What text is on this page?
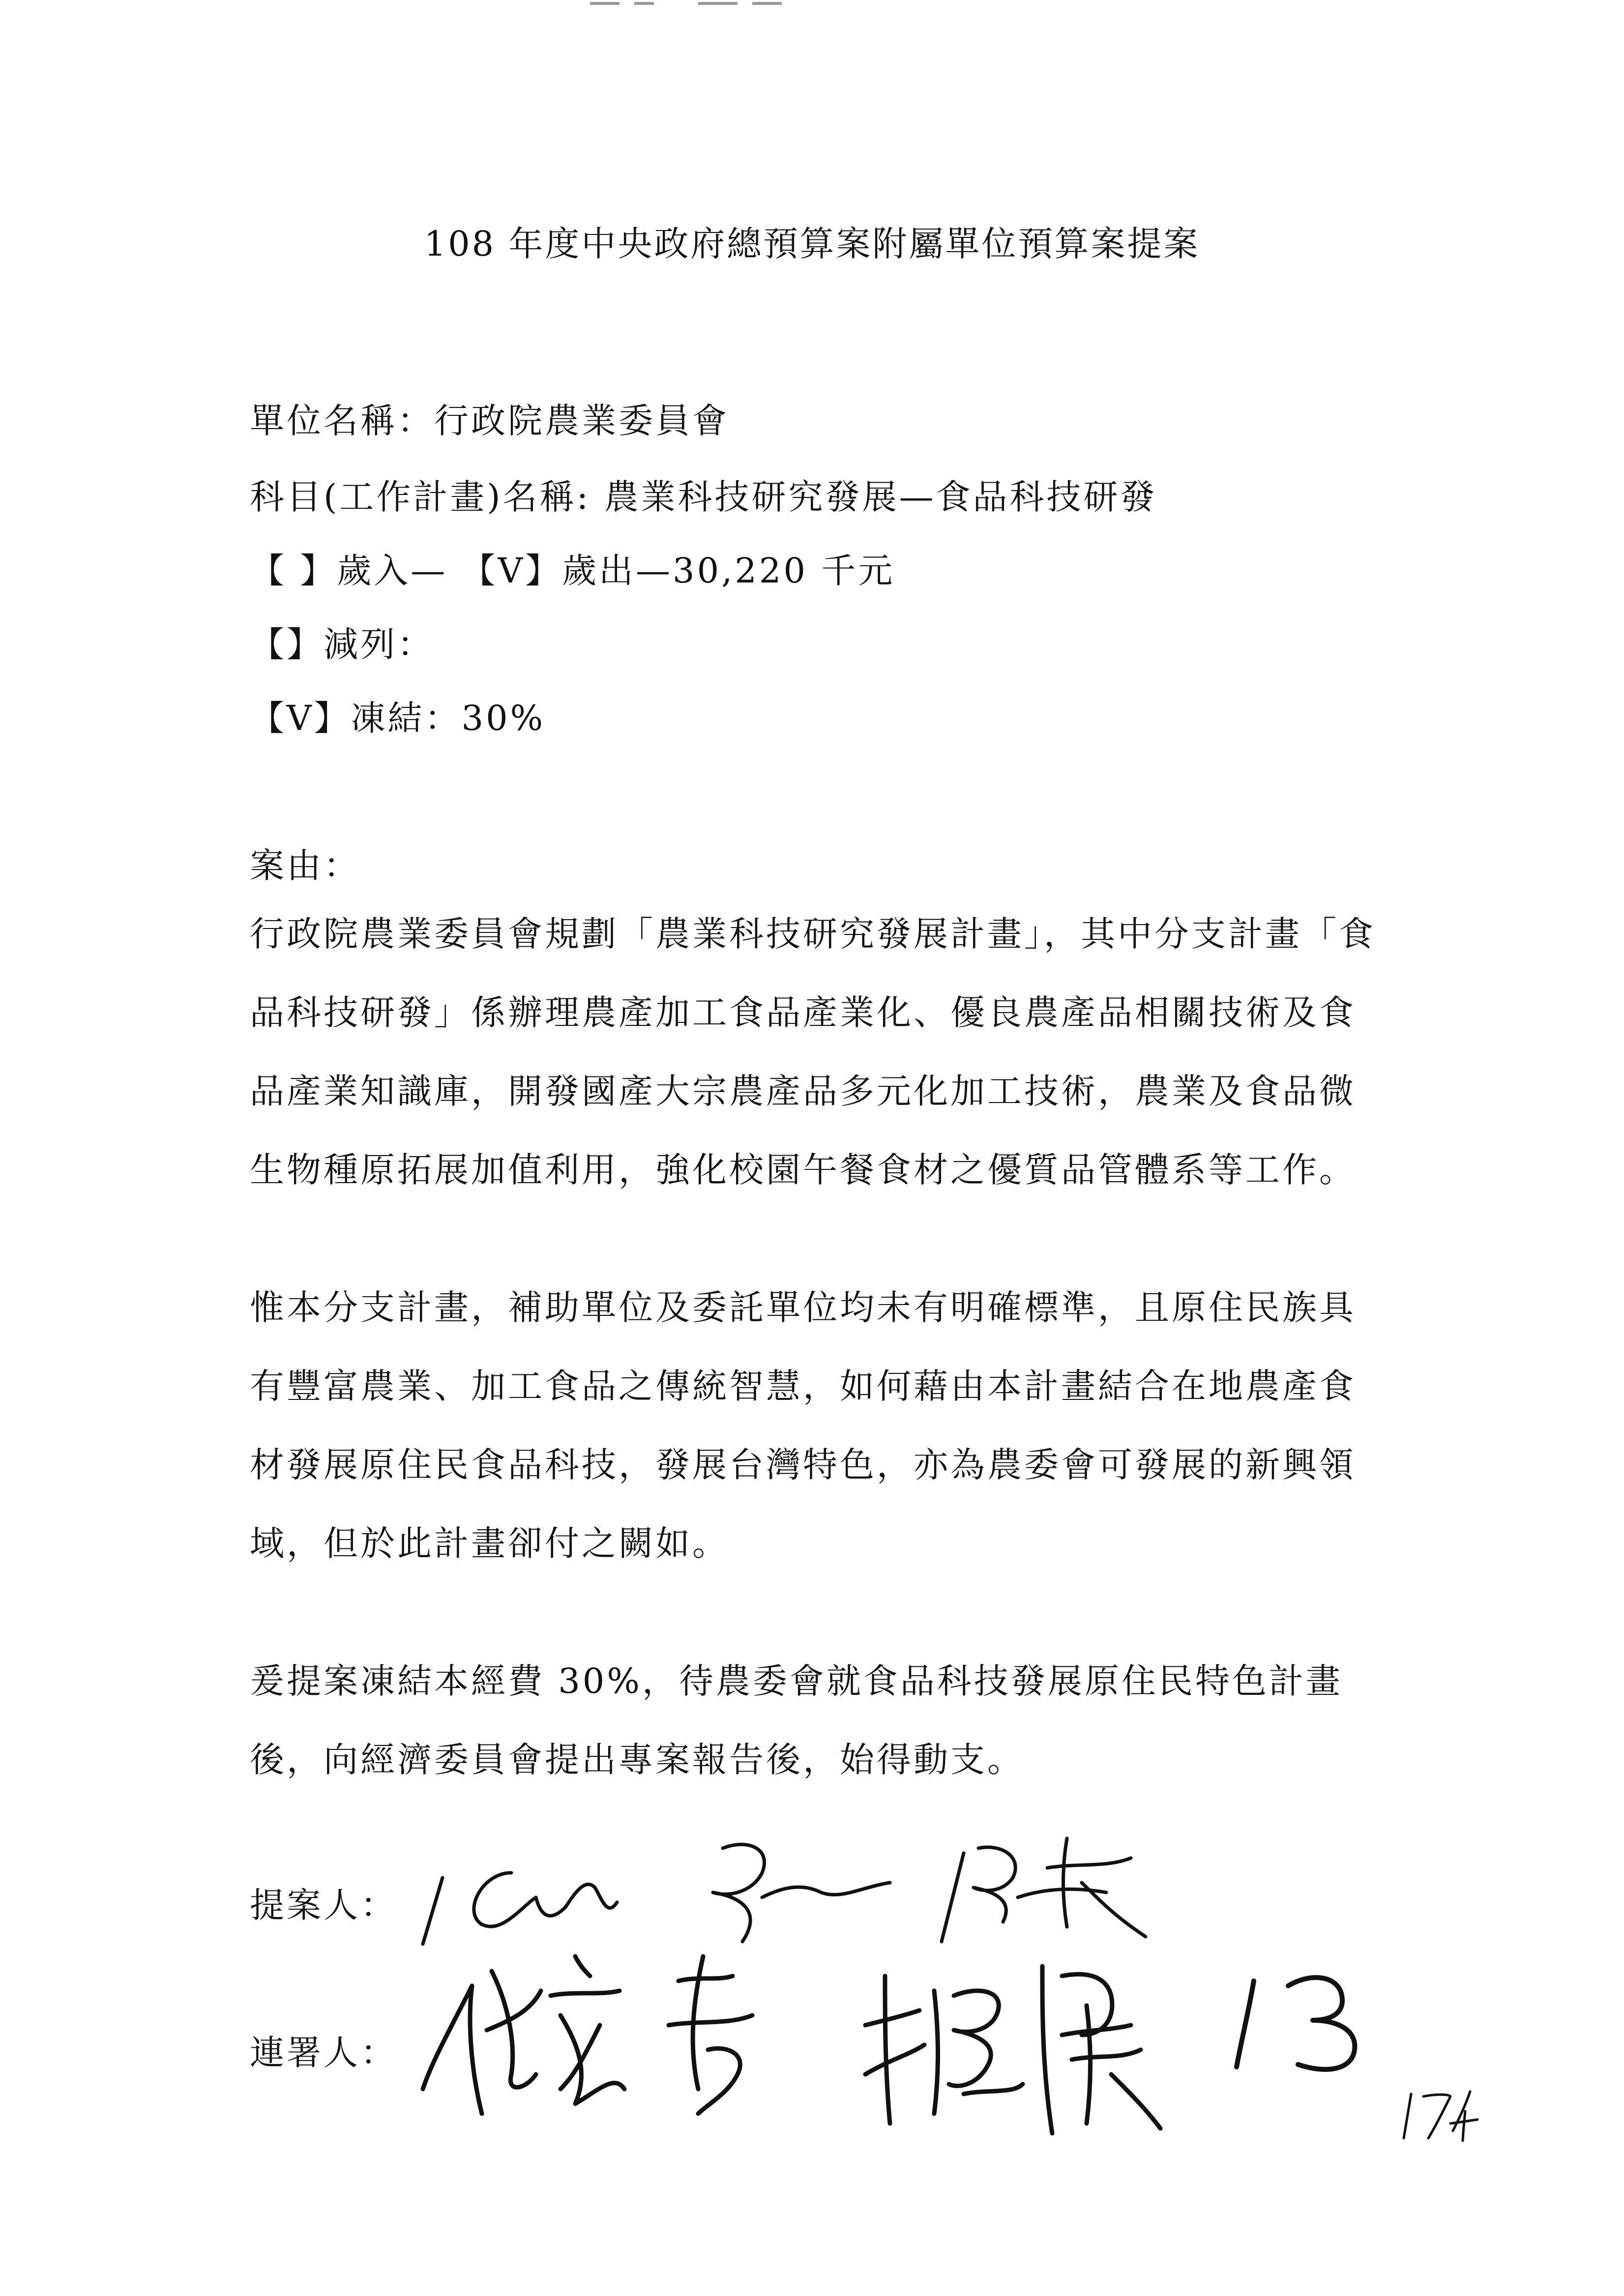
108 年度中央政府總預算案附屬單位預算案提案
單位名稱：行政院農業委員會
科目(工作計畫)名稱: 農業科技研究發展—食品科技研發
【 】歲入— 【V】歲出—30,220 千元
【】減列：
【V】凍結：30%
案由：
行政院農業委員會規劃「農業科技研究發展計畫」，其中分支計畫「食
品科技研發」係辦理農產加工食品產業化、優良農產品相關技術及食
品產業知識庫，開發國產大宗農產品多元化加工技術，農業及食品微
生物種原拓展加值利用，強化校園午餐食材之優質品管體系等工作。
惟本分支計畫，補助單位及委託單位均未有明確標準，且原住民族具
有豐富農業、加工食品之傳統智慧，如何藉由本計畫結合在地農產食
材發展原住民食品科技，發展台灣特色，亦為農委會可發展的新興領
域，但於此計畫卻付之闕如。
爰提案凍結本經費 30%，待農委會就食品科技發展原住民特色計畫
後，向經濟委員會提出專案報告後，始得動支。
提案人：
連署人：
